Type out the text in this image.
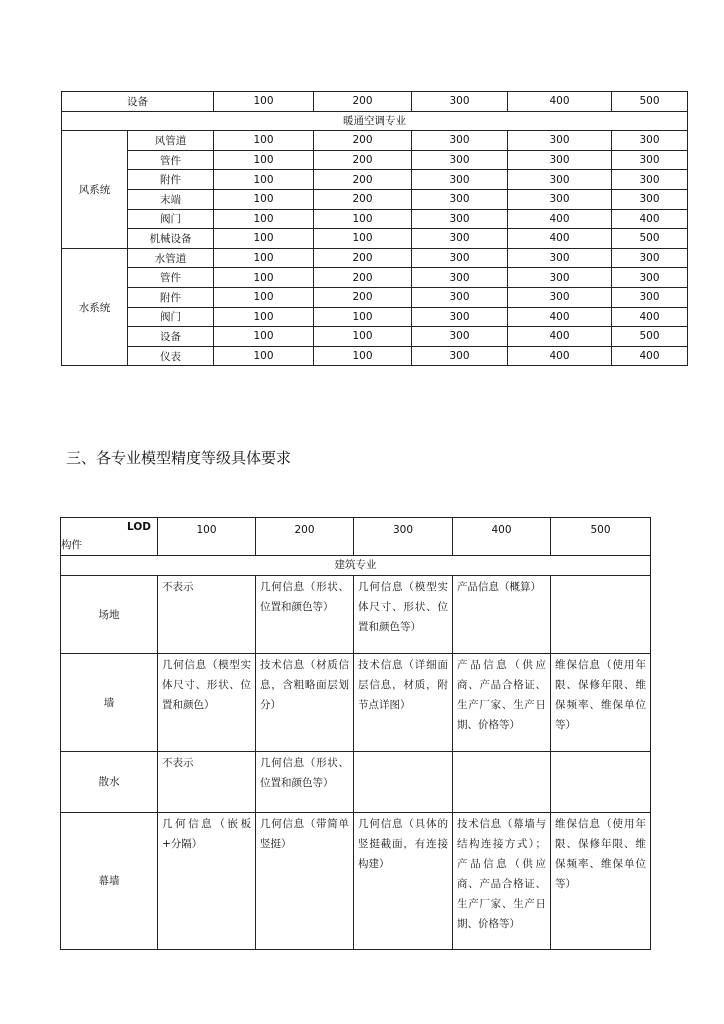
设备		100	200	300	400	500
暖通空调专业						
风系统	风管道	100	200	300	300	300
	管件	100	200	300	300	300
	附件	100	200	300	300	300
	末端	100	200	300	300	300
	阀门	100	100	300	400	400
	机械设备	100	100	300	400	500
水系统	水管道	100	200	300	300	300
	管件	100	200	300	300	300
	附件	100	200	300	300	300
	阀门	100	100	300	400	400
	设备	100	100	300	400	500
	仪表	100	100	300	400	400
三、各专业模型精度等级具体要求
LOD
构件	100	200	300	400	500
建筑专业					
场地	不表示	几何信息（形状、位置和颜色等）	几何信息（模型实体尺寸、形状、位置和颜色等）	产品信息（概算）	
墙	几何信息（模型实体尺寸、形状、位置和颜色）	技术信息（材质信息，含粗略面层划分）	技术信息（详细面层信息，材质，附节点详图）	产品信息（供应商、产品合格证、生产厂家、生产日期、价格等）	维保信息（使用年限、保修年限、维保频率、维保单位等）
散水	不表示	几何信息（形状、位置和颜色等）			
幕墙	几何信息（嵌板+分隔）	几何信息（带简单竖挺）	几何信息（具体的竖挺截面，有连接构建）	技术信息（幕墙与结构连接方式）；产品信息（供应商、产品合格证、生产厂家、生产日期、价格等）	维保信息（使用年限、保修年限、维保频率、维保单位等）
